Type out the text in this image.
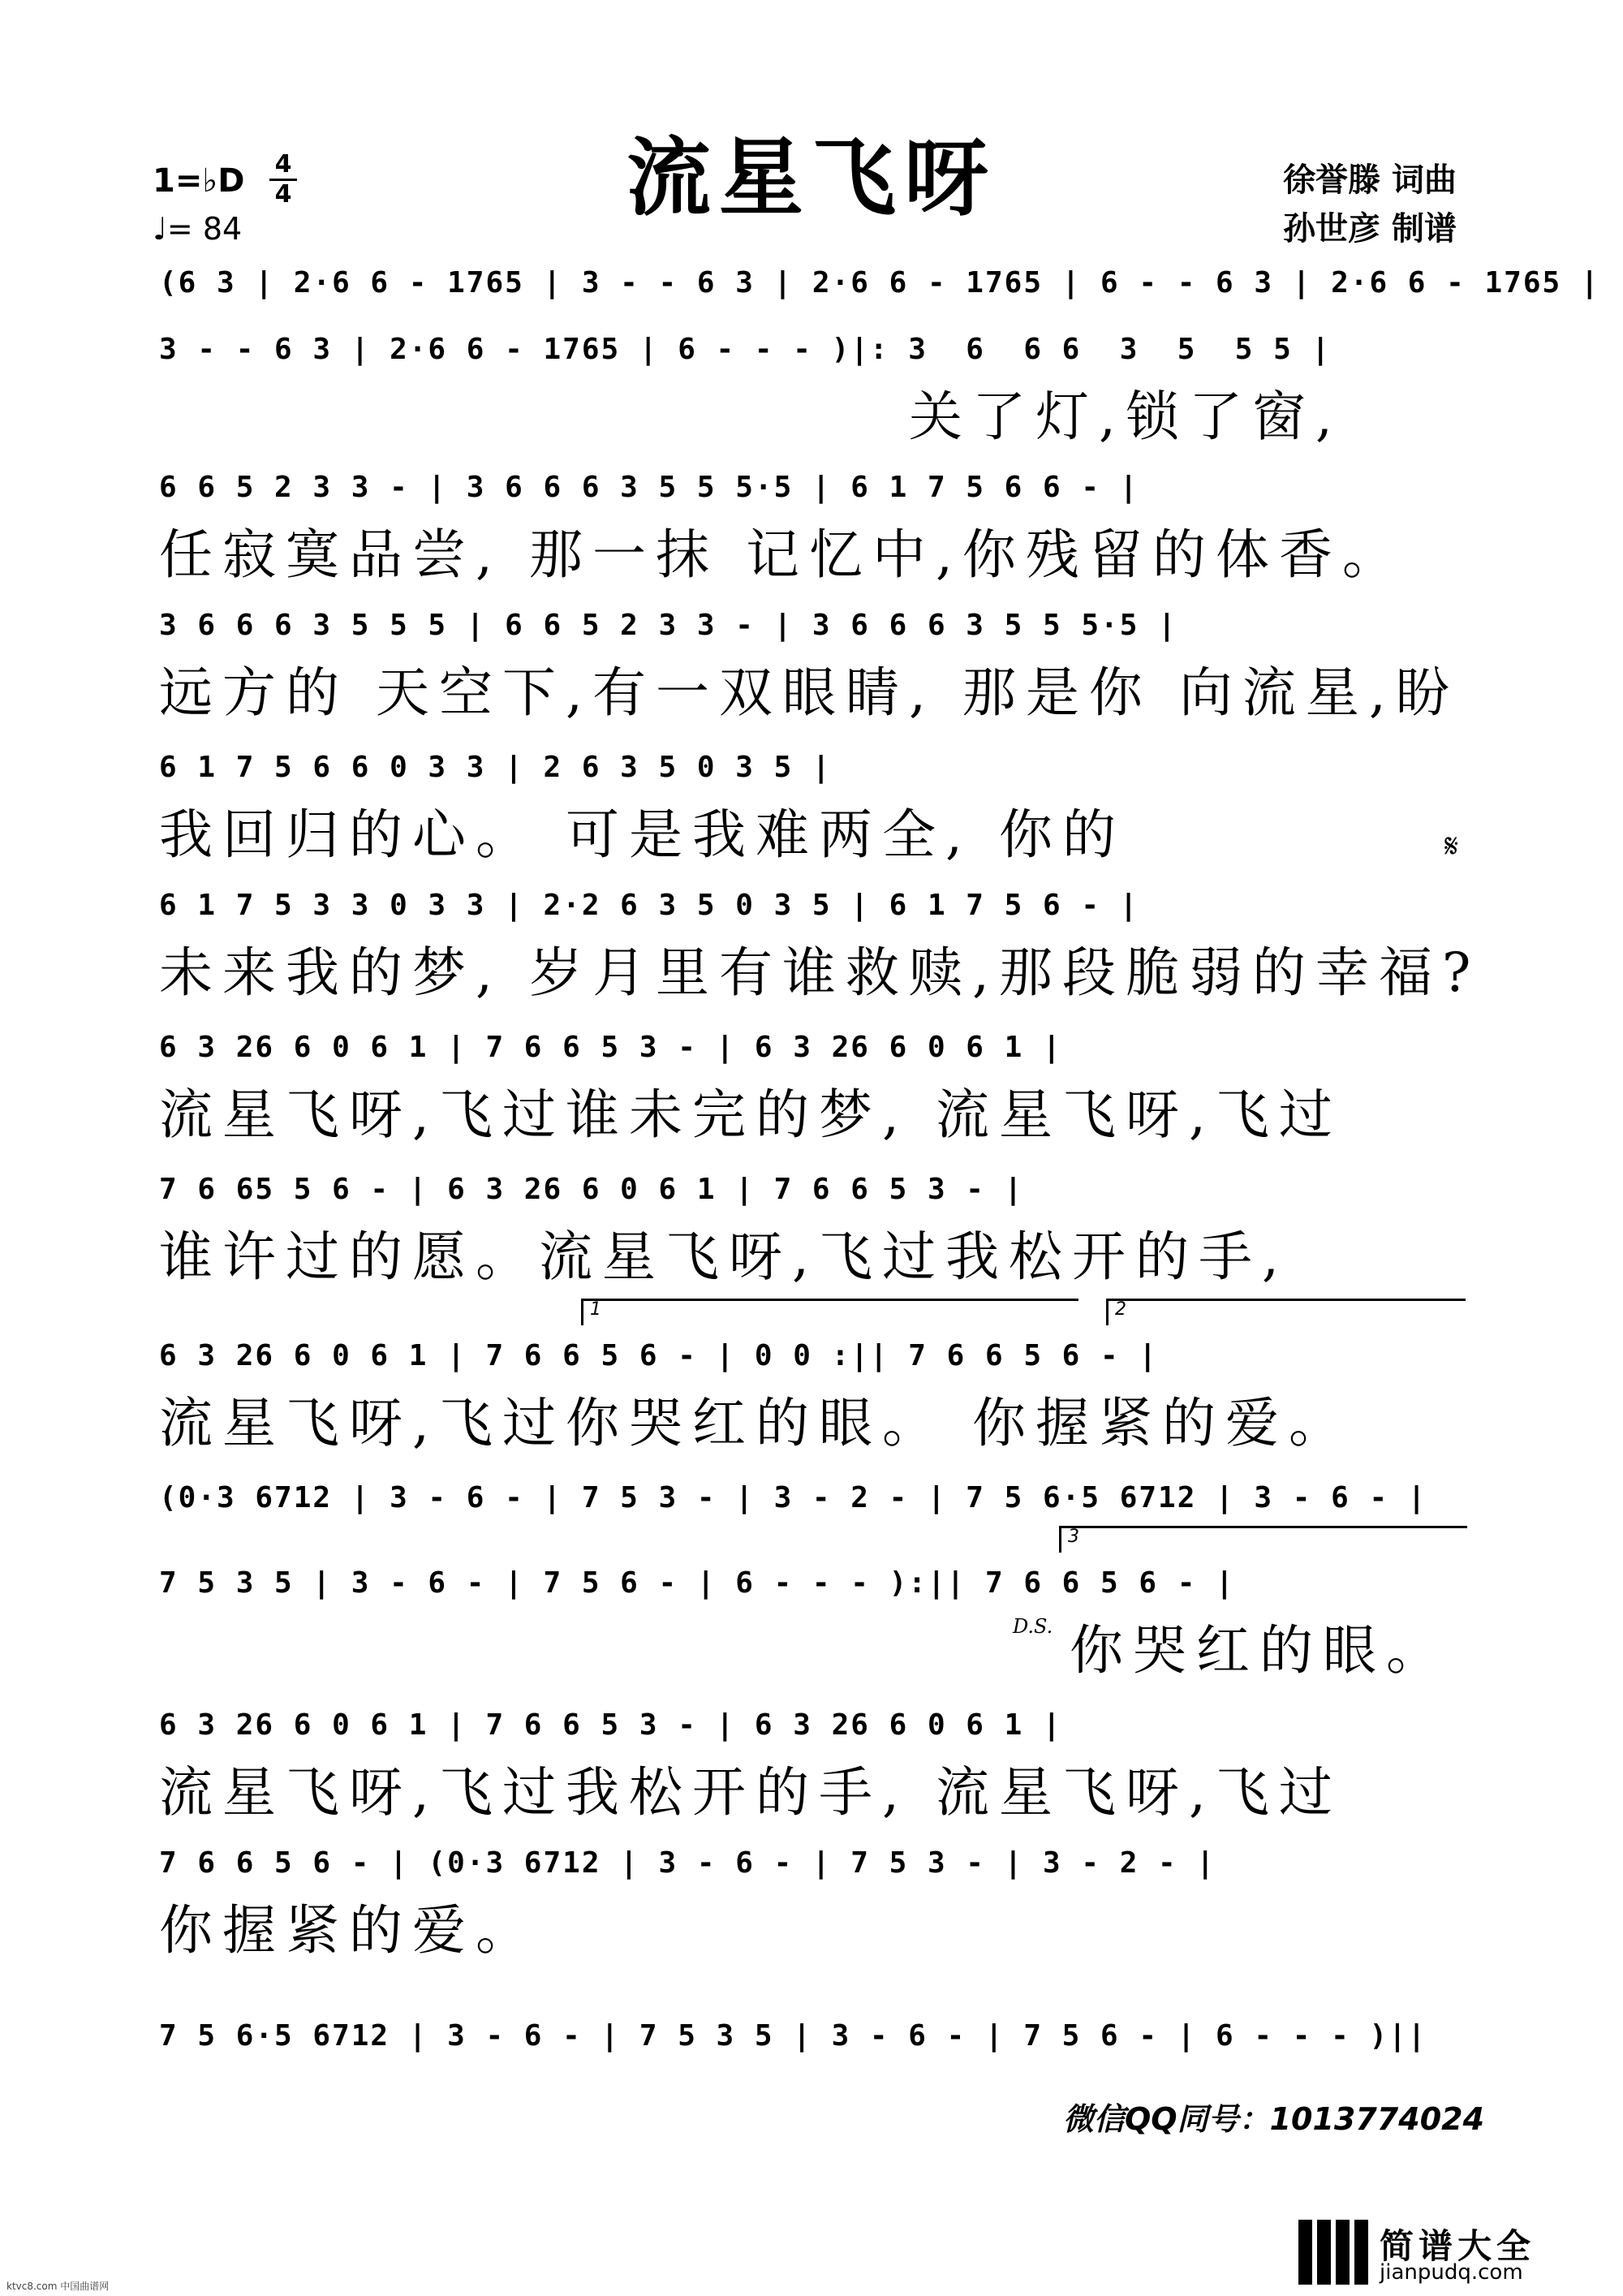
流星飞呀
1=♭D 4
4
♩= 84
徐誉滕 词曲
孙世彦 制谱
(6 3 | 2·6 6 - 1765 | 3 - - 6 3 | 2·6 6 - 1765 | 6 - - 6 3 | 2·6 6 - 1765 |
3 - - 6 3 | 2·6 6 - 1765 | 6 - - - )|: 3  6  6 6  3  5  5 5 |
关了灯,锁了窗,
6 6 5 2 3 3 - | 3 6 6 6 3 5 5 5·5 | 6 1 7 5 6 6 - |
任寂寞品尝, 那一抹 记忆中,你残留的体香。
3 6 6 6 3 5 5 5 | 6 6 5 2 3 3 - | 3 6 6 6 3 5 5 5·5 |
远方的 天空下,有一双眼睛, 那是你 向流星,盼
6 1 7 5 6 6 0 3 3 | 2 6 3 5 0 3 5 |
我回归的心。 可是我难两全, 你的	𝄋
6 1 7 5 3 3 0 3 3 | 2·2 6 3 5 0 3 5 | 6 1 7 5 6 - |
未来我的梦, 岁月里有谁救赎,那段脆弱的幸福?
6 3 26 6 0 6 1 | 7 6 6 5 3 - | 6 3 26 6 0 6 1 |
流星飞呀,飞过谁未完的梦, 流星飞呀,飞过
7 6 65 5 6 - | 6 3 26 6 0 6 1 | 7 6 6 5 3 - |
谁许过的愿。流星飞呀,飞过我松开的手,
1	2
6 3 26 6 0 6 1 | 7 6 6 5 6 - | 0 0 :|| 7 6 6 5 6 - |
流星飞呀,飞过你哭红的眼。 你握紧的爱。
(0·3 6712 | 3 - 6 - | 7 5 3 - | 3 - 2 - | 7 5 6·5 6712 | 3 - 6 - |
3
7 5 3 5 | 3 - 6 - | 7 5 6 - | 6 - - - ):|| 7 6 6 5 6 - |
D.S. 你哭红的眼。
6 3 26 6 0 6 1 | 7 6 6 5 3 - | 6 3 26 6 0 6 1 |
流星飞呀,飞过我松开的手, 流星飞呀,飞过
7 6 6 5 6 - | (0·3 6712 | 3 - 6 - | 7 5 3 - | 3 - 2 - |
你握紧的爱。
7 5 6·5 6712 | 3 - 6 - | 7 5 3 5 | 3 - 6 - | 7 5 6 - | 6 - - - )||
微信QQ同号：1013774024
简谱大全
jianpudq.com
ktvc8.com 中国曲谱网
